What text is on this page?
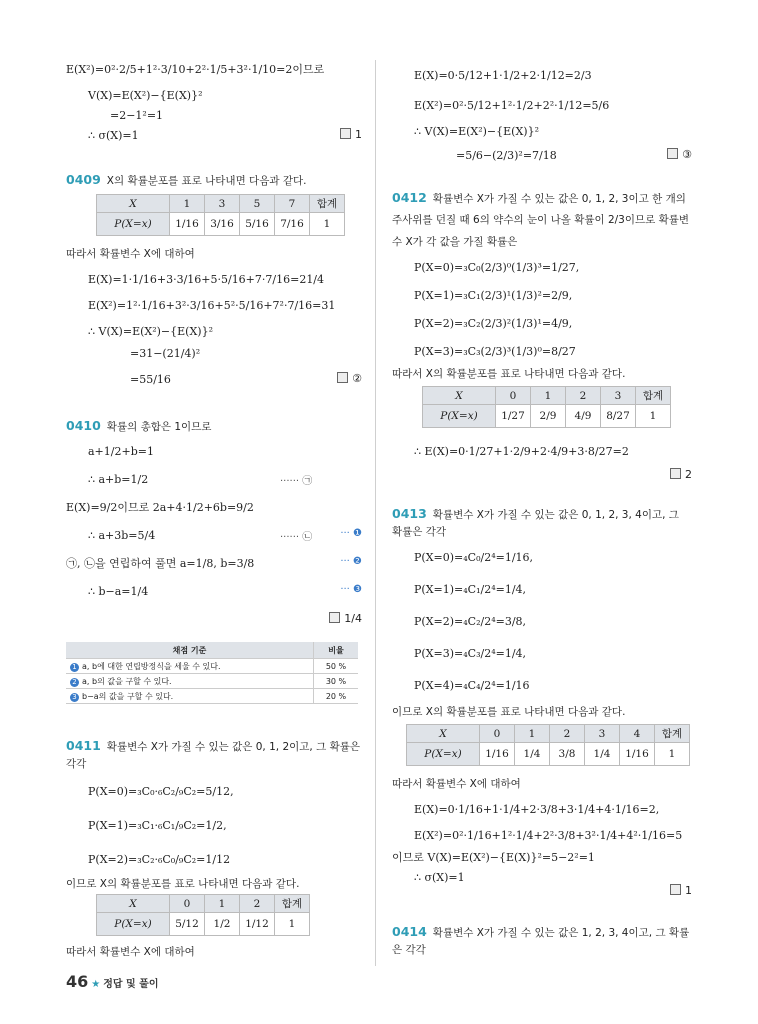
E(X²)=0²·2/5+1²·3/10+2²·1/5+3²·1/10=2이므로
V(X)=E(X²)−{E(X)}²
=2−1²=1
∴ σ(X)=1	1
0409 X의 확률분포를 표로 나타내면 다음과 같다.
X	1	3	5	7	합계
P(X=x)	1/16	3/16	5/16	7/16	1
따라서 확률변수 X에 대하여
E(X)=1·1/16+3·3/16+5·5/16+7·7/16=21/4
E(X²)=1²·1/16+3²·3/16+5²·5/16+7²·7/16=31
∴ V(X)=E(X²)−{E(X)}²
=31−(21/4)²
=55/16	②
0410 확률의 총합은 1이므로
a+1/2+b=1
∴ a+b=1/2	······ ㉠
E(X)=9/2이므로 2a+4·1/2+6b=9/2
∴ a+3b=5/4	······ ㉡	··· ❶
㉠, ㉡을 연립하여 풀면 a=1/8, b=3/8	··· ❷
∴ b−a=1/4	··· ❸
1/4
채점 기준	비율
1 a, b에 대한 연립방정식을 세울 수 있다.	50 %
2 a, b의 값을 구할 수 있다.	30 %
3 b−a의 값을 구할 수 있다.	20 %
0411 확률변수 X가 가질 수 있는 값은 0, 1, 2이고, 그 확률은
각각
P(X=0)=₃C₀·₆C₂/₉C₂=5/12,
P(X=1)=₃C₁·₆C₁/₉C₂=1/2,
P(X=2)=₃C₂·₆C₀/₉C₂=1/12
이므로 X의 확률분포를 표로 나타내면 다음과 같다.
X	0	1	2	합계
P(X=x)	5/12	1/2	1/12	1
따라서 확률변수 X에 대하여
E(X)=0·5/12+1·1/2+2·1/12=2/3
E(X²)=0²·5/12+1²·1/2+2²·1/12=5/6
∴ V(X)=E(X²)−{E(X)}²
=5/6−(2/3)²=7/18	③
0412 확률변수 X가 가질 수 있는 값은 0, 1, 2, 3이고 한 개의
주사위를 던질 때 6의 약수의 눈이 나올 확률이 2/3이므로 확률변
수 X가 각 값을 가질 확률은
P(X=0)=₃C₀(2/3)⁰(1/3)³=1/27,
P(X=1)=₃C₁(2/3)¹(1/3)²=2/9,
P(X=2)=₃C₂(2/3)²(1/3)¹=4/9,
P(X=3)=₃C₃(2/3)³(1/3)⁰=8/27
따라서 X의 확률분포를 표로 나타내면 다음과 같다.
X	0	1	2	3	합계
P(X=x)	1/27	2/9	4/9	8/27	1
∴ E(X)=0·1/27+1·2/9+2·4/9+3·8/27=2
2
0413 확률변수 X가 가질 수 있는 값은 0, 1, 2, 3, 4이고, 그
확률은 각각
P(X=0)=₄C₀/2⁴=1/16,
P(X=1)=₄C₁/2⁴=1/4,
P(X=2)=₄C₂/2⁴=3/8,
P(X=3)=₄C₃/2⁴=1/4,
P(X=4)=₄C₄/2⁴=1/16
이므로 X의 확률분포를 표로 나타내면 다음과 같다.
X	0	1	2	3	4	합계
P(X=x)	1/16	1/4	3/8	1/4	1/16	1
따라서 확률변수 X에 대하여
E(X)=0·1/16+1·1/4+2·3/8+3·1/4+4·1/16=2,
E(X²)=0²·1/16+1²·1/4+2²·3/8+3²·1/4+4²·1/16=5
이므로 V(X)=E(X²)−{E(X)}²=5−2²=1
∴ σ(X)=1
1
0414 확률변수 X가 가질 수 있는 값은 1, 2, 3, 4이고, 그 확률
은 각각
46 ★ 정답 및 풀이
